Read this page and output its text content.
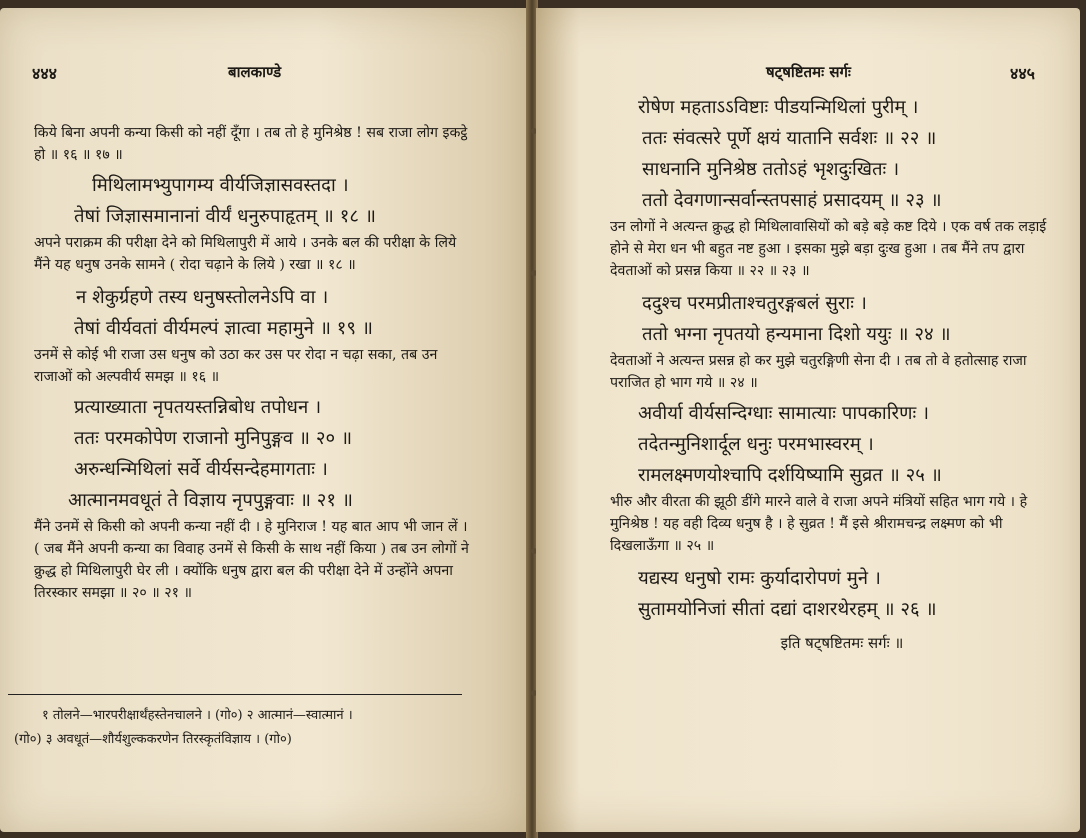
४४४	बालकाण्डे

किये बिना अपनी कन्या किसी को नहीं दूँगा । तब तो हे मुनिश्रेष्ठ ! सब राजा लोग इकट्ठे हो ॥ १६ ॥ १७ ॥

मिथिलामभ्युपागम्य वीर्यजिज्ञासवस्तदा ।

तेषां जिज्ञासमानानां वीर्यं धनुरुपाहृतम् ॥ १८ ॥

अपने पराक्रम की परीक्षा देने को मिथिलापुरी में आये । उनके बल की परीक्षा के लिये मैंने यह धनुष उनके सामने ( रोदा चढ़ाने के लिये ) रखा ॥ १८ ॥

न शेकुर्ग्रहणे तस्य धनुषस्तोलनेऽपि वा ।

तेषां वीर्यवतां वीर्यमल्पं ज्ञात्वा महामुने ॥ १९ ॥

उनमें से कोई भी राजा उस धनुष को उठा कर उस पर रोदा न चढ़ा सका, तब उन राजाओं को अल्पवीर्य समझ ॥ १६ ॥

प्रत्याख्याता नृपतयस्तन्निबोध तपोधन ।

ततः परमकोपेण राजानो मुनिपुङ्गव ॥ २० ॥

अरुन्धन्मिथिलां सर्वे वीर्यसन्देहमागताः ।

आत्मानमवधूतं ते विज्ञाय नृपपुङ्गवाः ॥ २१ ॥

मैंने उनमें से किसी को अपनी कन्या नहीं दी । हे मुनिराज ! यह बात आप भी जान लें । ( जब मैंने अपनी कन्या का विवाह उनमें से किसी के साथ नहीं किया ) तब उन लोगों ने क्रुद्ध हो मिथिलापुरी घेर ली । क्योंकि धनुष द्वारा बल की परीक्षा देने में उन्होंने अपना तिरस्कार समझा ॥ २० ॥ २१ ॥

१ तोलने—भारपरीक्षार्थंहस्तेनचालने । (गो०) २ आत्मानं—स्वात्मानं ।

(गो०) ३ अवधूतं—शौर्यशुल्ककरणेन तिरस्कृतंविज्ञाय । (गो०)

षट्षष्टितमः सर्गः	४४५

रोषेण महताऽऽविष्टाः पीडयन्मिथिलां पुरीम् ।

ततः संवत्सरे पूर्णे क्षयं यातानि सर्वशः ॥ २२ ॥

साधनानि मुनिश्रेष्ठ ततोऽहं भृशदुःखितः ।

ततो देवगणान्सर्वान्स्तपसाहं प्रसादयम् ॥ २३ ॥

उन लोगों ने अत्यन्त क्रुद्ध हो मिथिलावासियों को बड़े बड़े कष्ट दिये । एक वर्ष तक लड़ाई होने से मेरा धन भी बहुत नष्ट हुआ । इसका मुझे बड़ा दुःख हुआ । तब मैंने तप द्वारा देवताओं को प्रसन्न किया ॥ २२ ॥ २३ ॥

ददुश्च परमप्रीताश्चतुरङ्गबलं सुराः ।

ततो भग्ना नृपतयो हन्यमाना दिशो ययुः ॥ २४ ॥

देवताओं ने अत्यन्त प्रसन्न हो कर मुझे चतुरङ्गिणी सेना दी । तब तो वे हतोत्साह राजा पराजित हो भाग गये ॥ २४ ॥

अवीर्या वीर्यसन्दिग्धाः सामात्याः पापकारिणः ।

तदेतन्मुनिशार्दूल धनुः परमभास्वरम् ।

रामलक्ष्मणयोश्चापि दर्शयिष्यामि सुव्रत ॥ २५ ॥

भीरु और वीरता की झूठी डींगे मारने वाले वे राजा अपने मंत्रियों सहित भाग गये । हे मुनिश्रेष्ठ ! यह वही दिव्य धनुष है । हे सुव्रत ! मैं इसे श्रीरामचन्द्र लक्ष्मण को भी दिखलाऊँगा ॥ २५ ॥

यद्यस्य धनुषो रामः कुर्यादारोपणं मुने ।

सुतामयोनिजां सीतां दद्यां दाशरथेरहम् ॥ २६ ॥

इति षट्षष्टितमः सर्गः ॥
